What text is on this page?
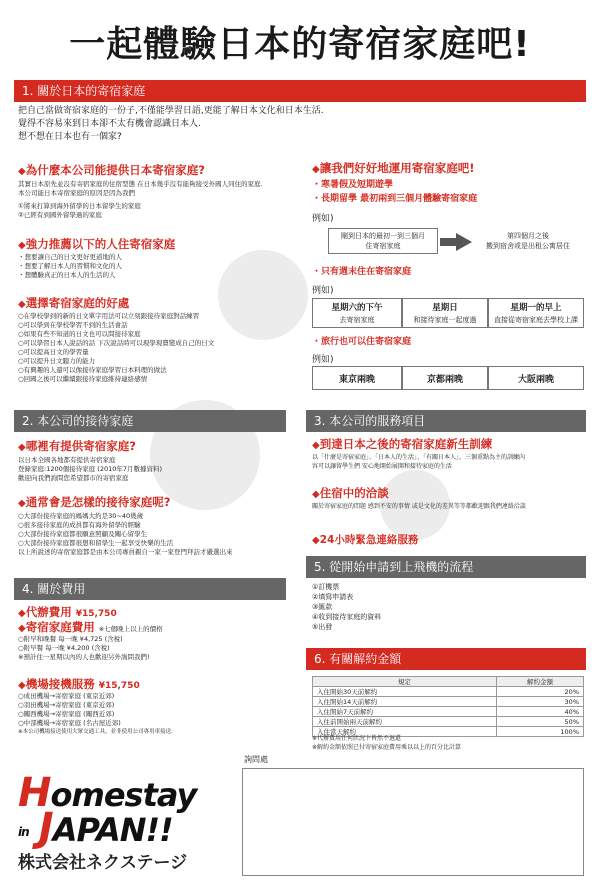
一起體驗日本的寄宿家庭吧!
1. 關於日本的寄宿家庭
把自己當做寄宿家庭的一份子,不僅能學習日語,更能了解日本文化和日本生活.
覺得不容易來到日本卻不太有機會認識日本人.
想不想在日本也有一個家?
◆為什麼本公司能提供日本寄宿家庭?
其實日本原先並沒有寄宿家庭的住宿型態 在日本幾乎沒有能夠接受外國人同住的家庭.
本公司能日本寄宿家庭的原因是因為我們
①將來打算到海外留學的日本留學生的家庭
②已經有到國外留學過的家庭
◆強力推薦以下的人住寄宿家庭
・想要讓自己的日文更好更道地的人
・想要了解日本人的習慣和文化的人
・想體驗真正的日本人的生活的人
◆選擇寄宿家庭的好處
○在學校學到的新的日文單字用法可以立刻跟接待家庭對話練習
○可以學到在學校學習不到的生活會話
○如果有些不知道的日文也可以問接待家庭
○可以學習日本人說話的話 下次說話時可以現學現賣變成自己的日文
○可以提高日文的學習量
○可以提升日文聽力的能力
○有興趣的人還可以像接待家庭學習日本料理的做法
○回國之後可以繼續跟接待家庭維持連絡感情
2. 本公司的接待家庭
◆哪裡有提供寄宿家庭?
以日本全國各地都有提供寄宿家庭
登錄家庭:1200個接待家庭 (2010年7月數據資料)
歡迎向我們詢問您希望都市的寄宿家庭
◆通常會是怎樣的接待家庭呢?
○大部份接待家庭的媽媽大約是30~40幾歲
○很多接待家庭的成員都有海外留學的經驗
○大部份接待家庭都很願意照顧及關心留學生
○大部份接待家庭都很想和留學生一起享受快樂的生活
以上所說述的寄宿家庭都是由本公司專員親自一家一家登門拜訪才嚴選出來
4. 關於費用
◆代辦費用 ¥15,750
◆寄宿家庭費用 ※七個晚上以上的價格
○附早和晚餐 每一晚 ¥4,725 (含稅)
○附早餐 每一晚 ¥4,200 (含稅)
※預計住一星期以內的人也歡迎另外詢問我們!
◆機場接機服務 ¥15,750
○成田機場→寄宿家庭 (東京近郊)
○羽田機場→寄宿家庭 (東京近郊)
○關西機場→寄宿家庭 (關西近郊)
○中部機場→寄宿家庭 (名古屋近郊)
※本公司機場接送使用大眾交通工具。並非使用公司專用車接送.
◆讓我們好好地運用寄宿家庭吧!
・寒暑假及短期遊學
・長期留學 最初兩到三個月體驗寄宿家庭
例如)
剛到日本的最初一到三個月
住寄宿家庭
第四個月之後
搬到宿舍或是出租公寓居住
・只有週末住在寄宿家庭
例如)
星期六的下午
去寄宿家庭
星期日
和接待家庭一起度過
星期一的早上
直接從寄宿家庭去學校上課
・旅行也可以住寄宿家庭
例如)
東京兩晚	京都兩晚	大阪兩晚
3. 本公司的服務項目
◆到達日本之後的寄宿家庭新生訓練
以「什麼是寄宿家庭」、「日本人的生活」、「有關日本人」、三個重點為主的訓練內
容可以讓留學生們 安心地開始展開和接待家庭的生活
◆住宿中的洽談
關於寄宿家庭的問題 感到不安的事情 或是文化的差異等等都歡迎跟我們連絡洽談
◆24小時緊急連絡服務
5. 從開始申請到上飛機的流程
①訂機票
②填寫申請表
③匯款
④收到接待家庭的資料
⑤出發
6. 有關解約金額
規定	解約金額
入住開始30天前解約	20%
入住開始14天前解約	30%
入住開始7天前解約	40%
入住前開始兩天前解約	50%
入住當天解約	100%
※代辦費用任何狀況下皆然不退還
※解約金額依照已付寄宿家庭費用乘以以上的百分比計算
Homestay
in JAPAN!!
株式会社ネクステージ
詢問處
